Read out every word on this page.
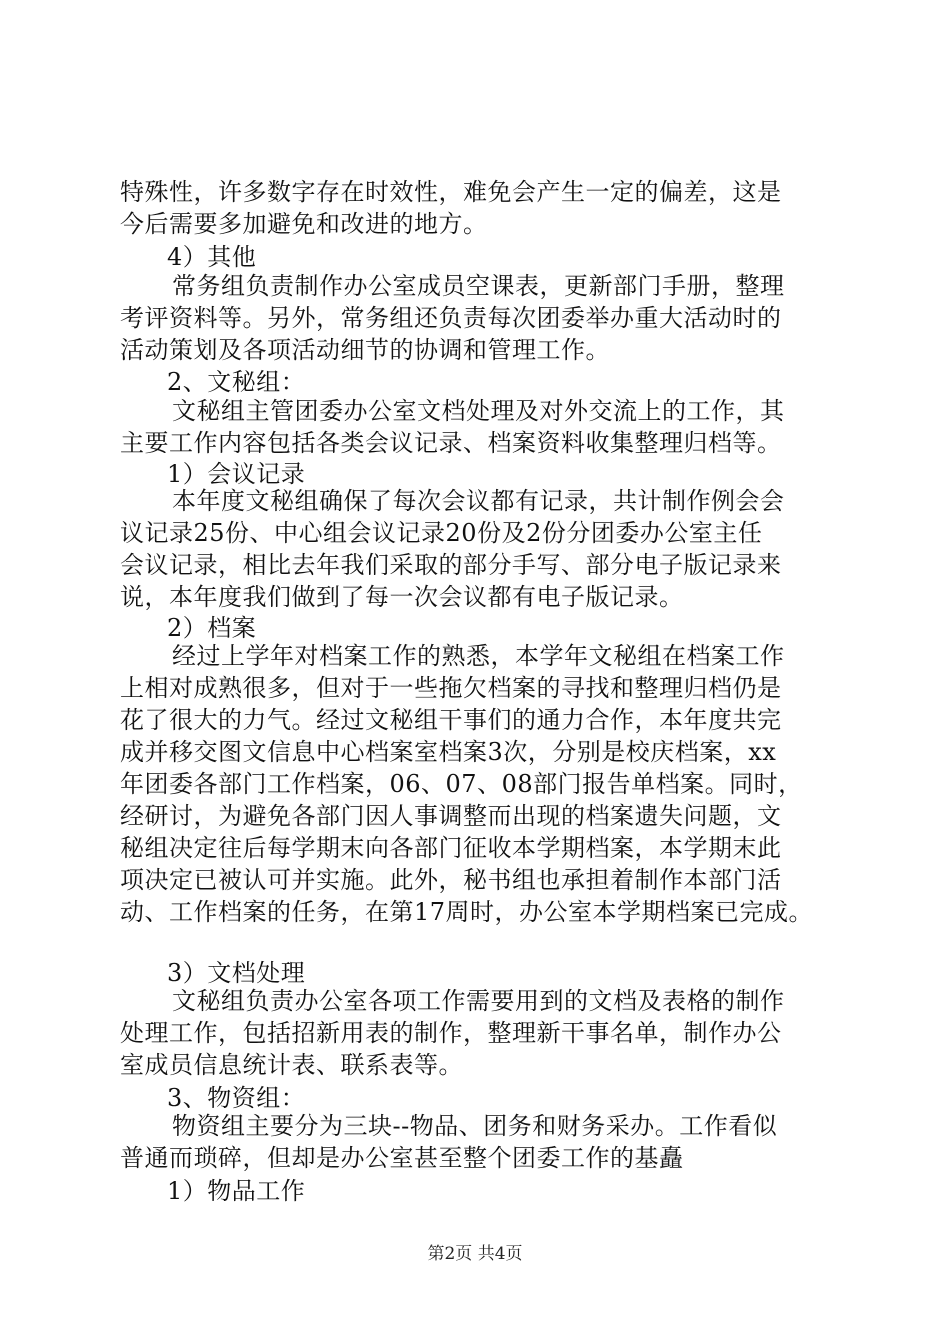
特殊性，许多数字存在时效性，难免会产生一定的偏差，这是
今后需要多加避免和改进的地方。
4）其他
常务组负责制作办公室成员空课表，更新部门手册，整理
考评资料等。另外，常务组还负责每次团委举办重大活动时的
活动策划及各项活动细节的协调和管理工作。
2、文秘组：
文秘组主管团委办公室文档处理及对外交流上的工作，其
主要工作内容包括各类会议记录、档案资料收集整理归档等。
1）会议记录
本年度文秘组确保了每次会议都有记录，共计制作例会会
议记录25份、中心组会议记录20份及2份分团委办公室主任
会议记录，相比去年我们采取的部分手写、部分电子版记录来
说，本年度我们做到了每一次会议都有电子版记录。
2）档案
经过上学年对档案工作的熟悉，本学年文秘组在档案工作
上相对成熟很多，但对于一些拖欠档案的寻找和整理归档仍是
花了很大的力气。经过文秘组干事们的通力合作，本年度共完
成并移交图文信息中心档案室档案3次，分别是校庆档案，xx
年团委各部门工作档案，06、07、08部门报告单档案。同时，
经研讨，为避免各部门因人事调整而出现的档案遗失问题，文
秘组决定往后每学期末向各部门征收本学期档案，本学期末此
项决定已被认可并实施。此外，秘书组也承担着制作本部门活
动、工作档案的任务，在第17周时，办公室本学期档案已完成。
3）文档处理
文秘组负责办公室各项工作需要用到的文档及表格的制作
处理工作，包括招新用表的制作，整理新干事名单，制作办公
室成员信息统计表、联系表等。
3、物资组：
物资组主要分为三块--物品、团务和财务采办。工作看似
普通而琐碎，但却是办公室甚至整个团委工作的基矗
1）物品工作
第2页 共4页
